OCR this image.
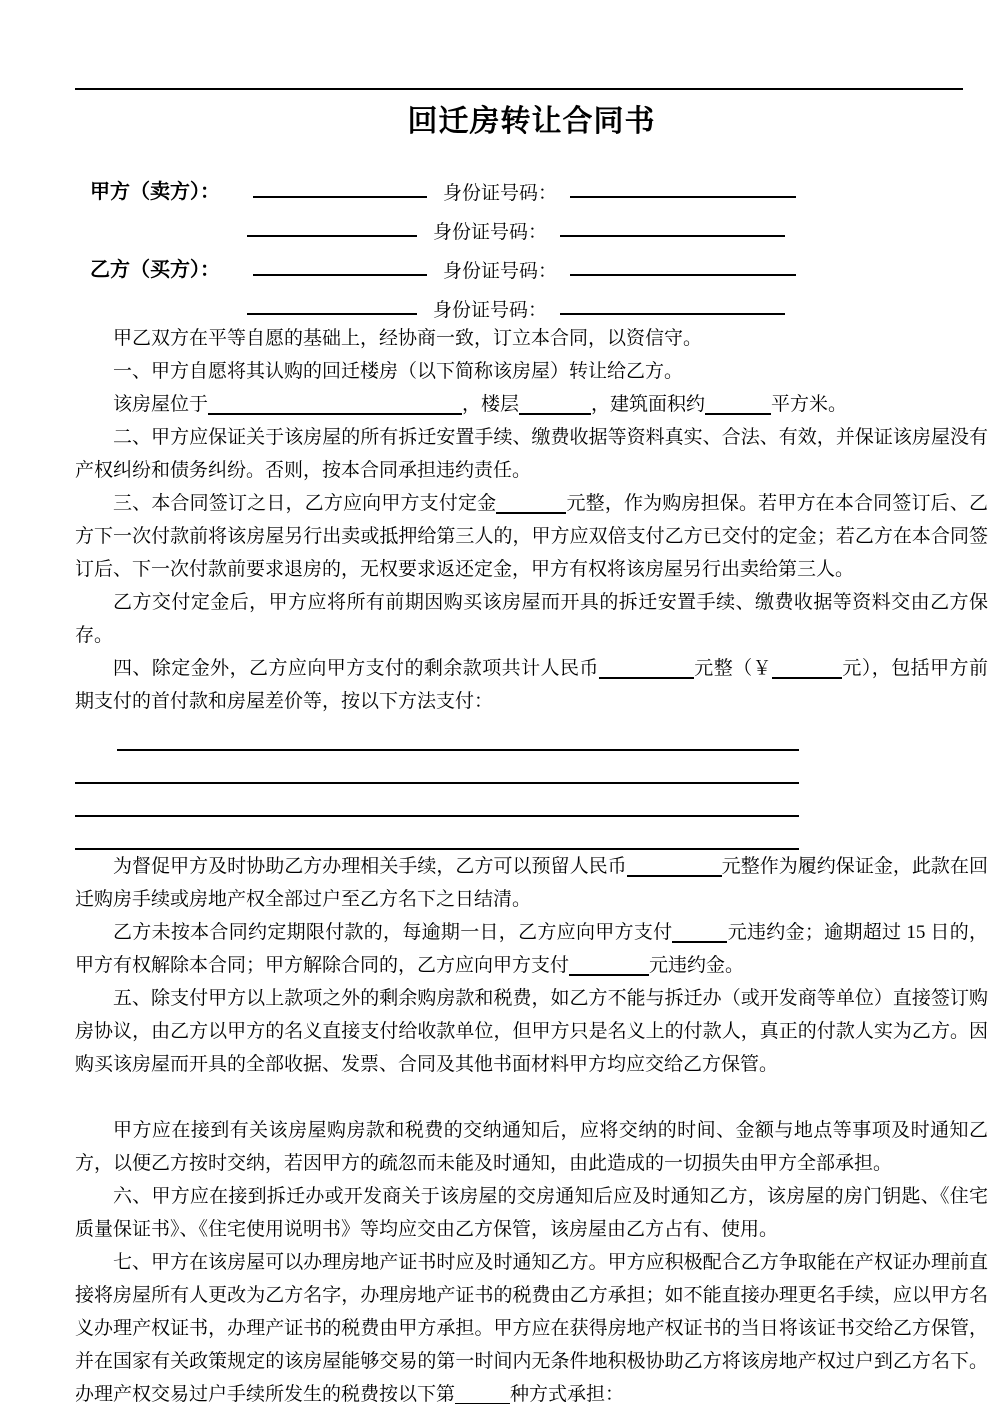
回迁房转让合同书
甲方（卖方）：	身份证号码：
身份证号码：
乙方（买方）：	身份证号码：
身份证号码：
甲乙双方在平等自愿的基础上，经协商一致，订立本合同，以资信守。
一、甲方自愿将其认购的回迁楼房（以下简称该房屋）转让给乙方。
该房屋位于	，楼层	，建筑面积约	平方米。
二、甲方应保证关于该房屋的所有拆迁安置手续、缴费收据等资料真实、合法、有效，并保证该房屋没有产权纠纷和债务纠纷。否则，按本合同承担违约责任。
三、本合同签订之日，乙方应向甲方支付定金	元整，作为购房担保。若甲方在本合同签订后、乙方下一次付款前将该房屋另行出卖或抵押给第三人的，甲方应双倍支付乙方已交付的定金；若乙方在本合同签订后、下一次付款前要求退房的，无权要求返还定金，甲方有权将该房屋另行出卖给第三人。
乙方交付定金后，甲方应将所有前期因购买该房屋而开具的拆迁安置手续、缴费收据等资料交由乙方保存。
四、除定金外，乙方应向甲方支付的剩余款项共计人民币	元整（￥	元），包括甲方前期支付的首付款和房屋差价等，按以下方法支付：
为督促甲方及时协助乙方办理相关手续，乙方可以预留人民币	元整作为履约保证金，此款在回迁购房手续或房地产权全部过户至乙方名下之日结清。
乙方未按本合同约定期限付款的，每逾期一日，乙方应向甲方支付	元违约金；逾期超过 15 日的，甲方有权解除本合同；甲方解除合同的，乙方应向甲方支付	元违约金。
五、除支付甲方以上款项之外的剩余购房款和税费，如乙方不能与拆迁办（或开发商等单位）直接签订购房协议，由乙方以甲方的名义直接支付给收款单位，但甲方只是名义上的付款人，真正的付款人实为乙方。因购买该房屋而开具的全部收据、发票、合同及其他书面材料甲方均应交给乙方保管。
甲方应在接到有关该房屋购房款和税费的交纳通知后，应将交纳的时间、金额与地点等事项及时通知乙方，以便乙方按时交纳，若因甲方的疏忽而未能及时通知，由此造成的一切损失由甲方全部承担。
六、甲方应在接到拆迁办或开发商关于该房屋的交房通知后应及时通知乙方，该房屋的房门钥匙、《住宅质量保证书》、《住宅使用说明书》等均应交由乙方保管，该房屋由乙方占有、使用。
七、甲方在该房屋可以办理房地产证书时应及时通知乙方。甲方应积极配合乙方争取能在产权证办理前直接将房屋所有人更改为乙方名字，办理房地产证书的税费由乙方承担；如不能直接办理更名手续，应以甲方名义办理产权证书，办理产证书的税费由甲方承担。甲方应在获得房地产权证书的当日将该证书交给乙方保管，并在国家有关政策规定的该房屋能够交易的第一时间内无条件地积极协助乙方将该房地产权过户到乙方名下。办理产权交易过户手续所发生的税费按以下第	种方式承担：
